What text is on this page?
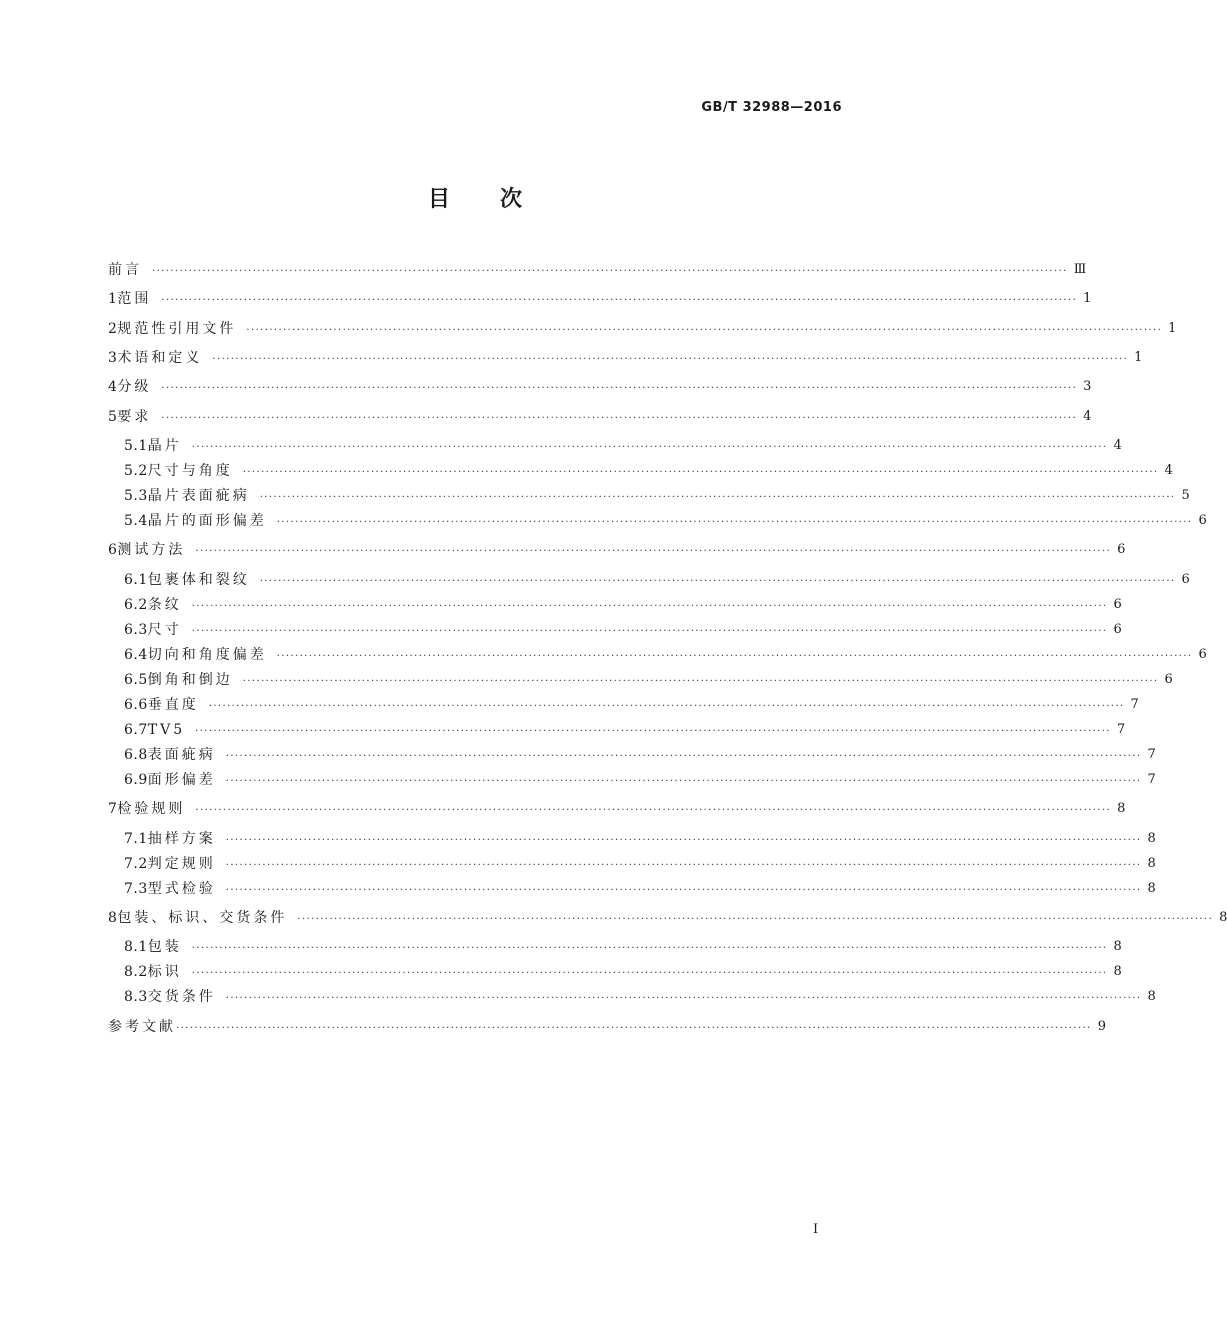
GB/T 32988—2016
目 次
前言 ········································································································································································································ Ⅲ
1 范围 ········································································································································································································ 1
2 规范性引用文件 ········································································································································································································ 1
3 术语和定义 ········································································································································································································ 1
4 分级 ········································································································································································································ 3
5 要求 ········································································································································································································ 4
5.1 晶片 ········································································································································································································ 4
5.2 尺寸与角度 ········································································································································································································ 4
5.3 晶片表面疵病 ········································································································································································································ 5
5.4 晶片的面形偏差 ········································································································································································································ 6
6 测试方法 ········································································································································································································ 6
6.1 包裹体和裂纹 ········································································································································································································ 6
6.2 条纹 ········································································································································································································ 6
6.3 尺寸 ········································································································································································································ 6
6.4 切向和角度偏差 ········································································································································································································ 6
6.5 倒角和倒边 ········································································································································································································ 6
6.6 垂直度 ········································································································································································································ 7
6.7 TV5 ········································································································································································································ 7
6.8 表面疵病 ········································································································································································································ 7
6.9 面形偏差 ········································································································································································································ 7
7 检验规则 ········································································································································································································ 8
7.1 抽样方案 ········································································································································································································ 8
7.2 判定规则 ········································································································································································································ 8
7.3 型式检验 ········································································································································································································ 8
8 包装、标识、交货条件 ········································································································································································································ 8
8.1 包装 ········································································································································································································ 8
8.2 标识 ········································································································································································································ 8
8.3 交货条件 ········································································································································································································ 8
参考文献 ········································································································································································································ 9
Ⅰ
